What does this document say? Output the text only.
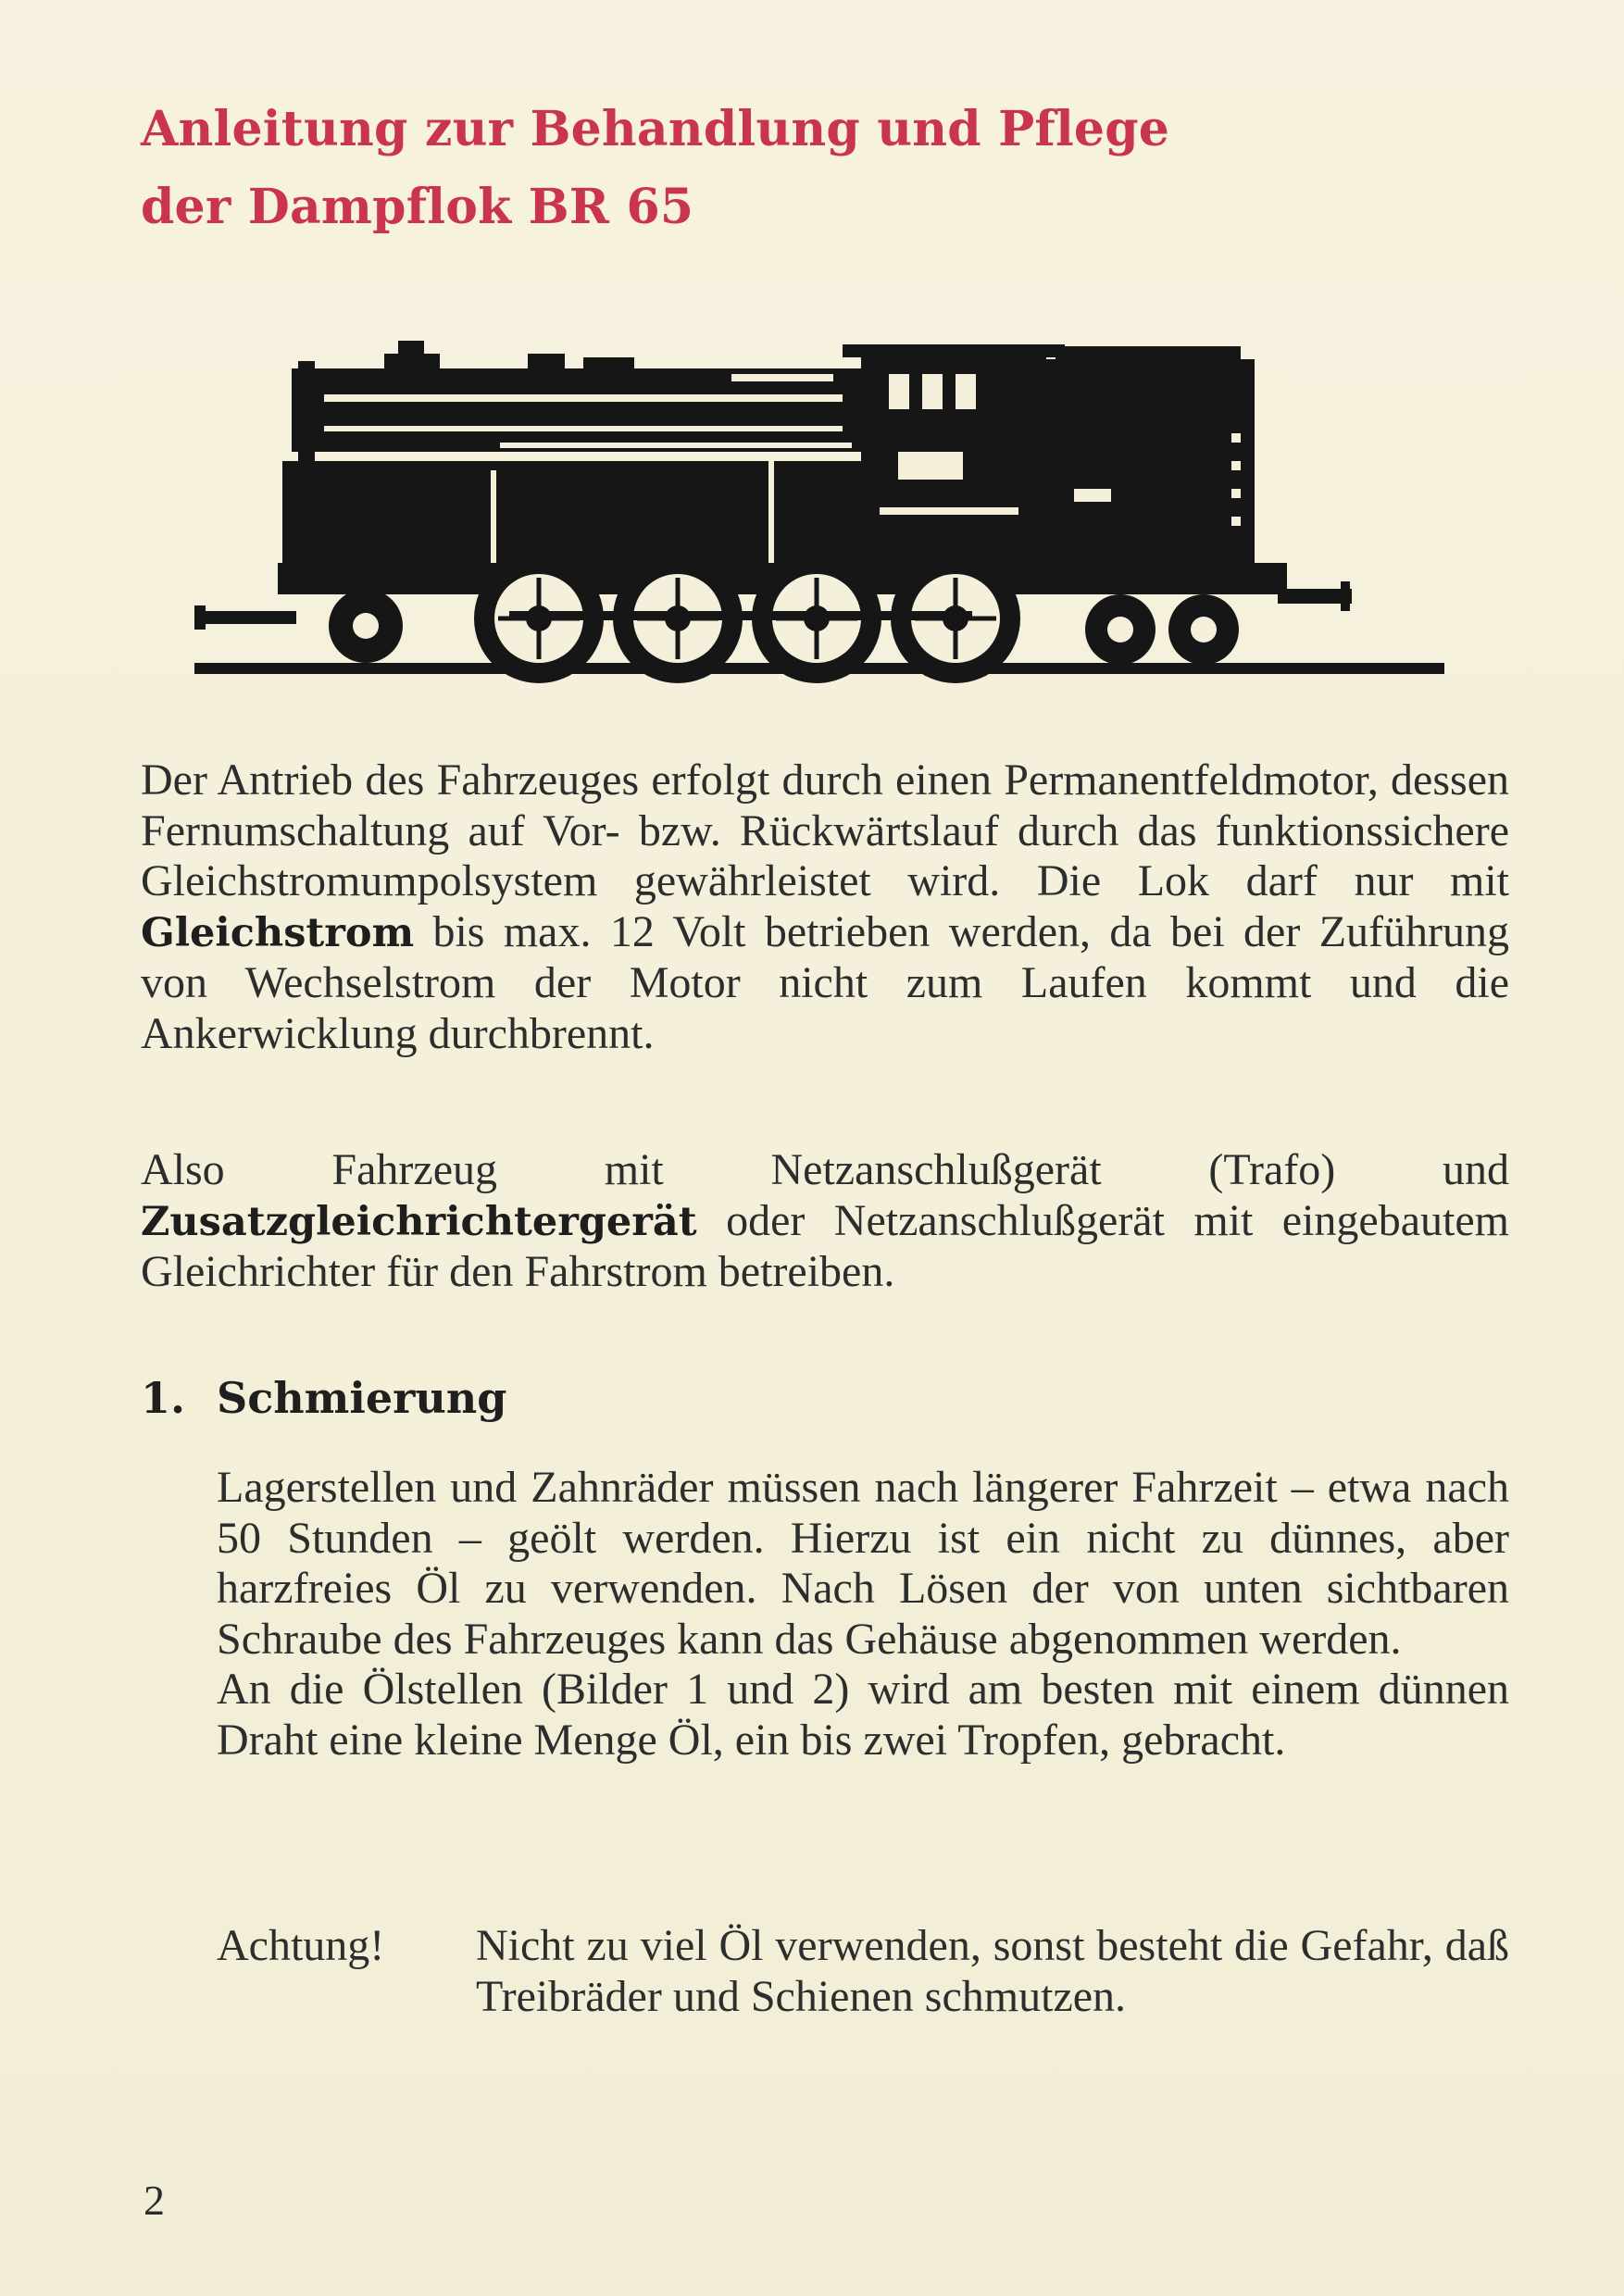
Anleitung zur Behandlung und Pflege
der Dampflok BR 65

Der Antrieb des Fahrzeuges erfolgt durch einen Permanentfeldmotor, dessen Fernumschaltung auf Vor- bzw. Rückwärtslauf durch das funktionssichere Gleichstromumpolsystem gewährleistet wird. Die Lok darf nur mit Gleichstrom bis max. 12 Volt betrieben werden, da bei der Zuführung von Wechselstrom der Motor nicht zum Laufen kommt und die Ankerwicklung durchbrennt.

Also Fahrzeug mit Netzanschlußgerät (Trafo) und Zusatzgleichrichtergerät oder Netzanschlußgerät mit eingebautem Gleichrichter für den Fahrstrom betreiben.

1. Schmierung
Lagerstellen und Zahnräder müssen nach längerer Fahrzeit – etwa nach 50 Stunden – geölt werden. Hierzu ist ein nicht zu dünnes, aber harzfreies Öl zu verwenden. Nach Lösen der von unten sichtbaren Schraube des Fahrzeuges kann das Gehäuse abgenommen werden.
An die Ölstellen (Bilder 1 und 2) wird am besten mit einem dünnen Draht eine kleine Menge Öl, ein bis zwei Tropfen, gebracht.
Achtung! Nicht zu viel Öl verwenden, sonst besteht die Gefahr, daß Treibräder und Schienen schmutzen.

2
